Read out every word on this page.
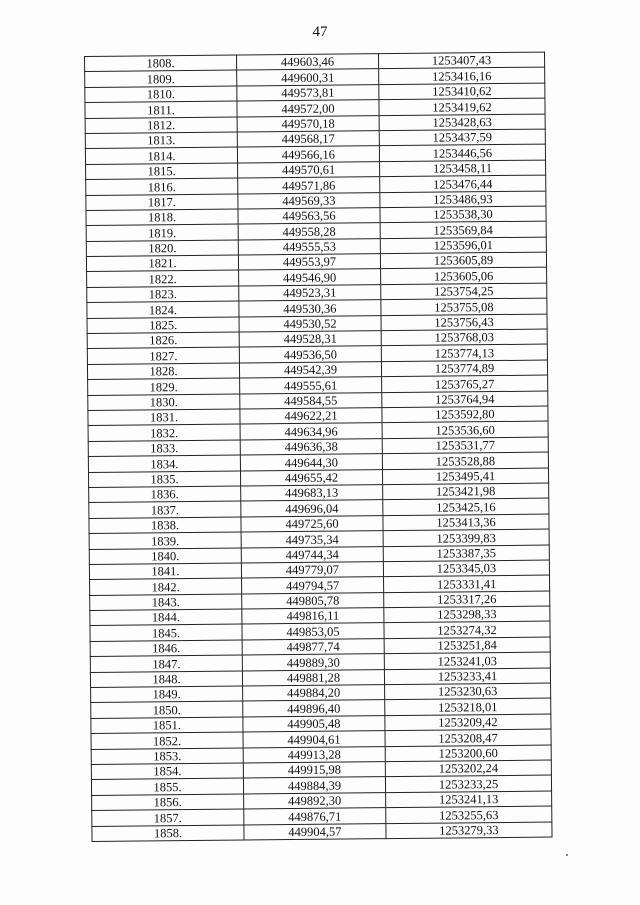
47
1808.	449603,46	1253407,43
1809.	449600,31	1253416,16
1810.	449573,81	1253410,62
1811.	449572,00	1253419,62
1812.	449570,18	1253428,63
1813.	449568,17	1253437,59
1814.	449566,16	1253446,56
1815.	449570,61	1253458,11
1816.	449571,86	1253476,44
1817.	449569,33	1253486,93
1818.	449563,56	1253538,30
1819.	449558,28	1253569,84
1820.	449555,53	1253596,01
1821.	449553,97	1253605,89
1822.	449546,90	1253605,06
1823.	449523,31	1253754,25
1824.	449530,36	1253755,08
1825.	449530,52	1253756,43
1826.	449528,31	1253768,03
1827.	449536,50	1253774,13
1828.	449542,39	1253774,89
1829.	449555,61	1253765,27
1830.	449584,55	1253764,94
1831.	449622,21	1253592,80
1832.	449634,96	1253536,60
1833.	449636,38	1253531,77
1834.	449644,30	1253528,88
1835.	449655,42	1253495,41
1836.	449683,13	1253421,98
1837.	449696,04	1253425,16
1838.	449725,60	1253413,36
1839.	449735,34	1253399,83
1840.	449744,34	1253387,35
1841.	449779,07	1253345,03
1842.	449794,57	1253331,41
1843.	449805,78	1253317,26
1844.	449816,11	1253298,33
1845.	449853,05	1253274,32
1846.	449877,74	1253251,84
1847.	449889,30	1253241,03
1848.	449881,28	1253233,41
1849.	449884,20	1253230,63
1850.	449896,40	1253218,01
1851.	449905,48	1253209,42
1852.	449904,61	1253208,47
1853.	449913,28	1253200,60
1854.	449915,98	1253202,24
1855.	449884,39	1253233,25
1856.	449892,30	1253241,13
1857.	449876,71	1253255,63
1858.	449904,57	1253279,33
